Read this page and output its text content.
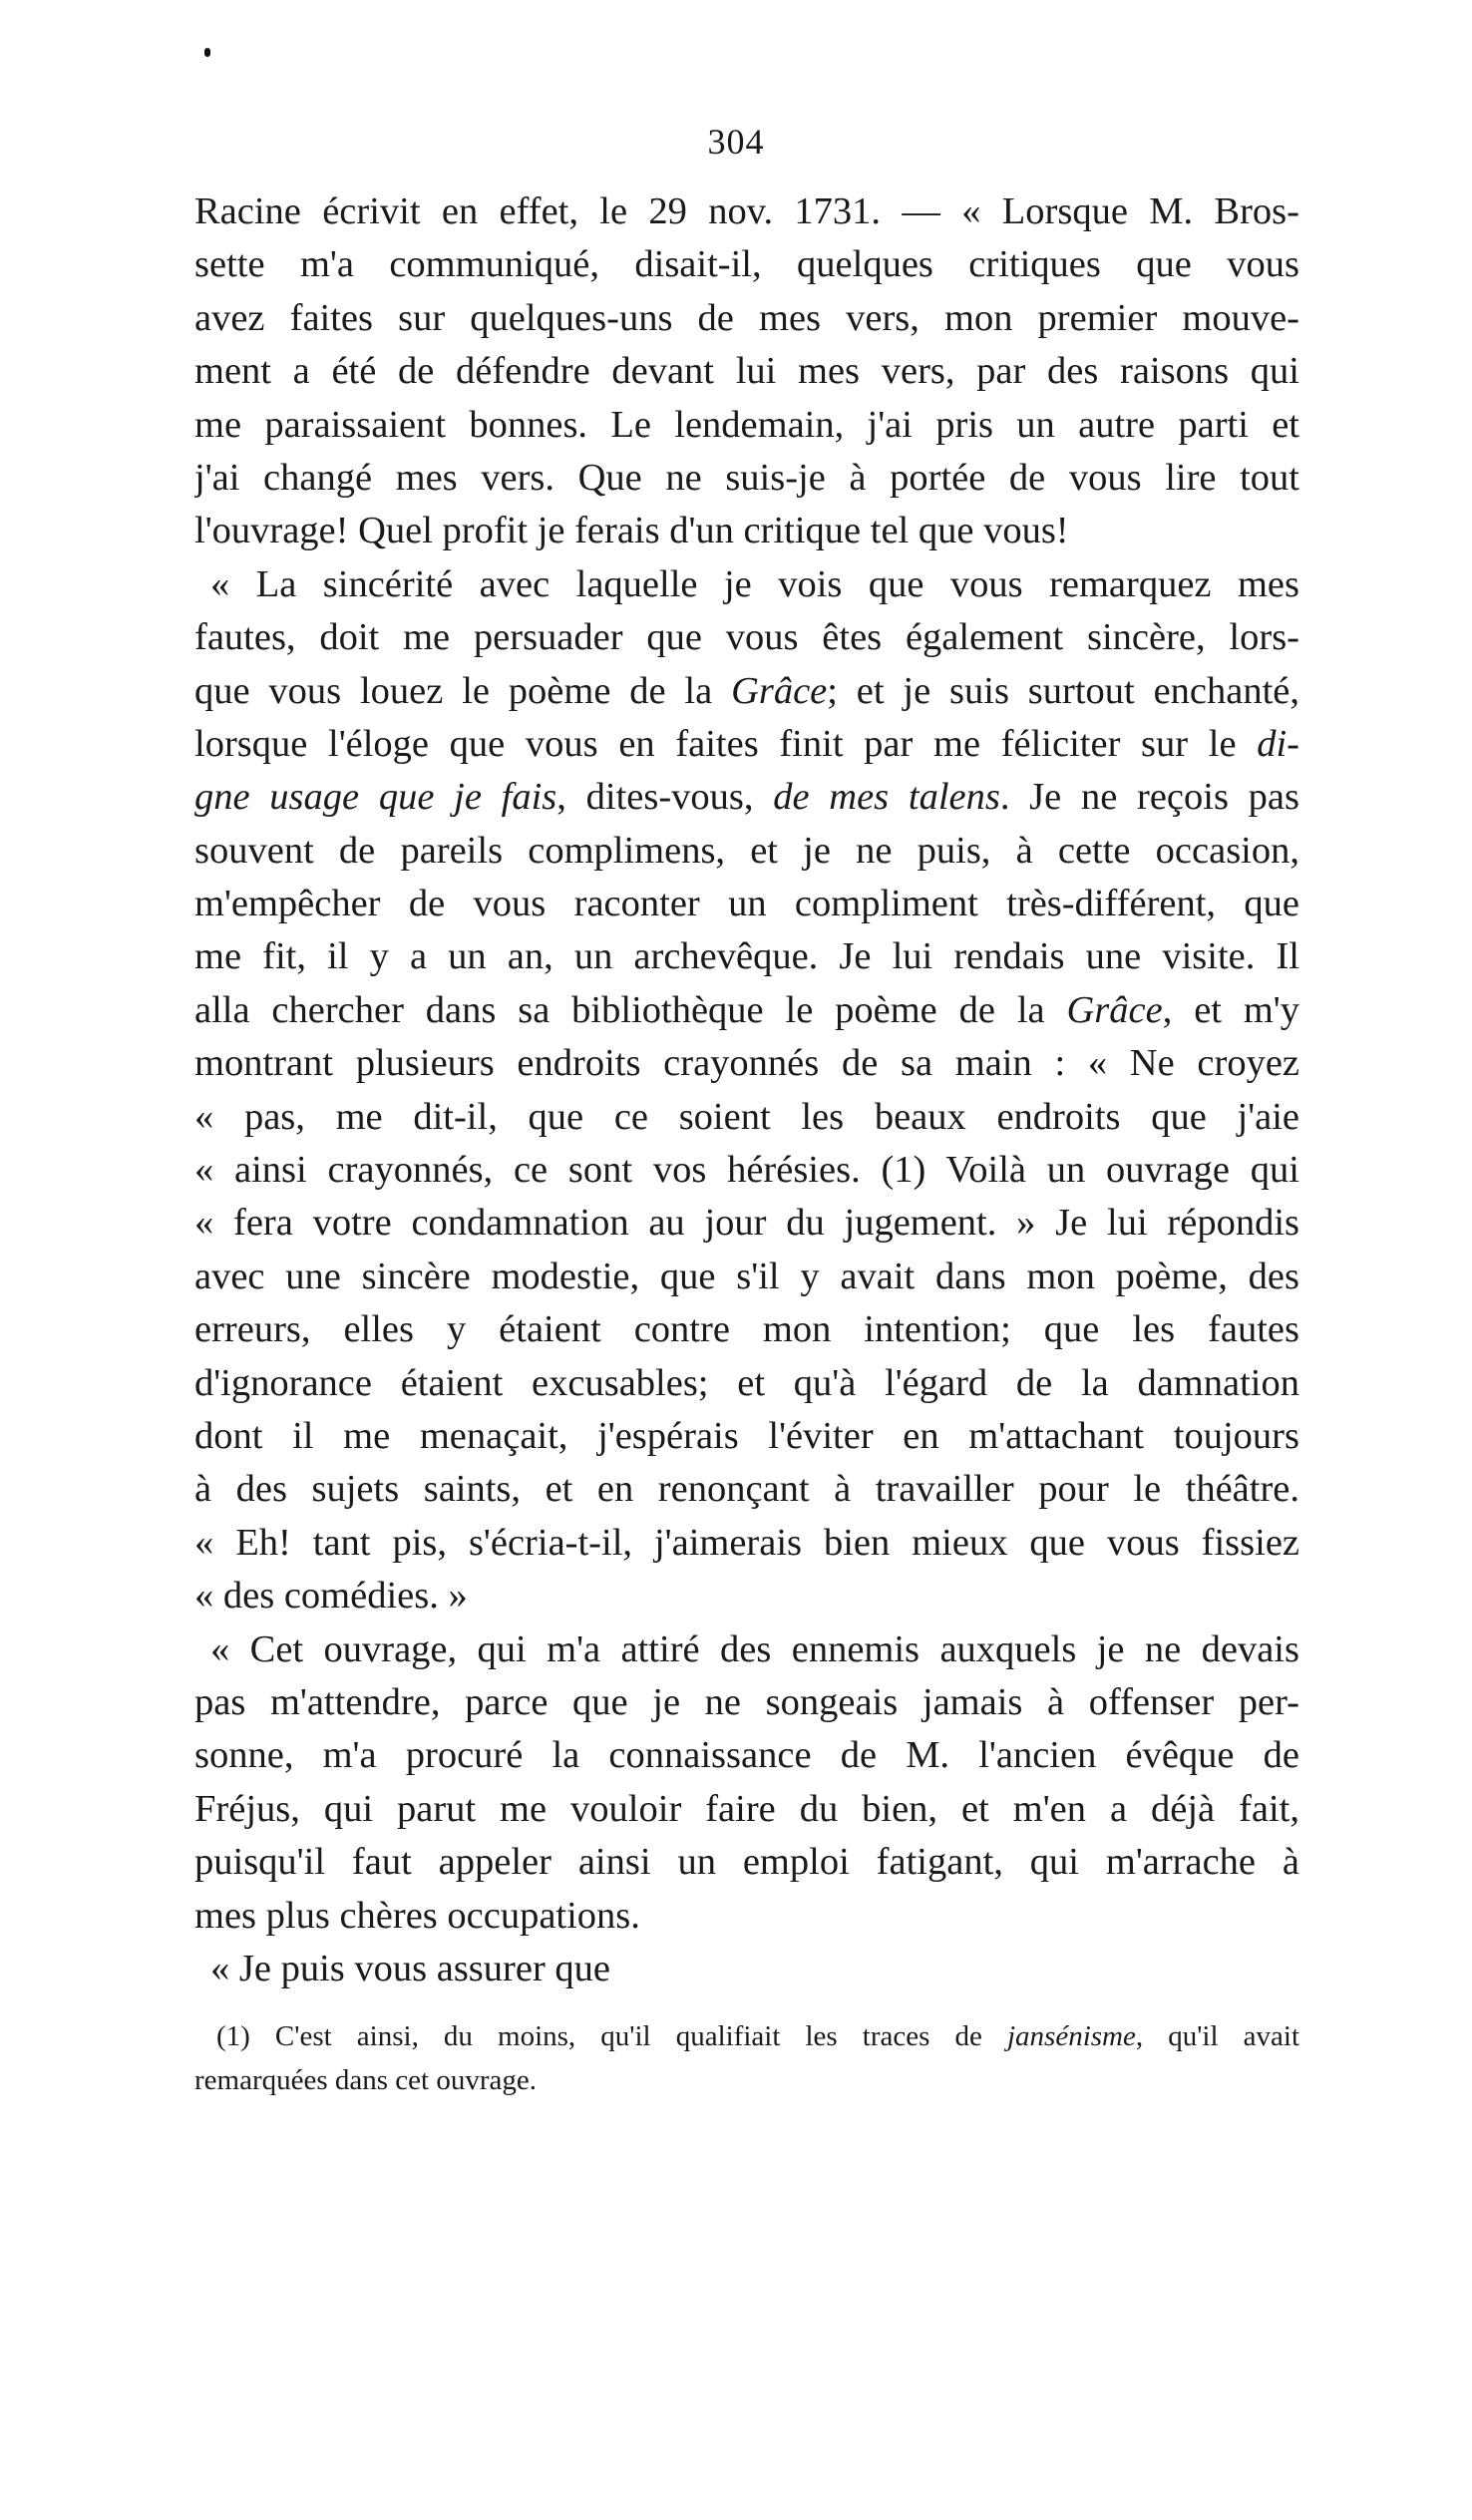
304
Racine écrivit en effet, le 29 nov. 1731. — « Lorsque M. Bros-
sette m'a communiqué, disait-il, quelques critiques que vous
avez faites sur quelques-uns de mes vers, mon premier mouve-
ment a été de défendre devant lui mes vers, par des raisons qui
me paraissaient bonnes. Le lendemain, j'ai pris un autre parti et
j'ai changé mes vers. Que ne suis-je à portée de vous lire tout
l'ouvrage! Quel profit je ferais d'un critique tel que vous!
« La sincérité avec laquelle je vois que vous remarquez mes
fautes, doit me persuader que vous êtes également sincère, lors-
que vous louez le poème de la Grâce; et je suis surtout enchanté,
lorsque l'éloge que vous en faites finit par me féliciter sur le di-
gne usage que je fais, dites-vous, de mes talens. Je ne reçois pas
souvent de pareils complimens, et je ne puis, à cette occasion,
m'empêcher de vous raconter un compliment très-différent, que
me fit, il y a un an, un archevêque. Je lui rendais une visite. Il
alla chercher dans sa bibliothèque le poème de la Grâce, et m'y
montrant plusieurs endroits crayonnés de sa main : « Ne croyez
« pas, me dit-il, que ce soient les beaux endroits que j'aie
« ainsi crayonnés, ce sont vos hérésies. (1) Voilà un ouvrage qui
« fera votre condamnation au jour du jugement. » Je lui répondis
avec une sincère modestie, que s'il y avait dans mon poème, des
erreurs, elles y étaient contre mon intention; que les fautes
d'ignorance étaient excusables; et qu'à l'égard de la damnation
dont il me menaçait, j'espérais l'éviter en m'attachant toujours
à des sujets saints, et en renonçant à travailler pour le théâtre.
« Eh! tant pis, s'écria-t-il, j'aimerais bien mieux que vous fissiez
« des comédies. »
« Cet ouvrage, qui m'a attiré des ennemis auxquels je ne devais
pas m'attendre, parce que je ne songeais jamais à offenser per-
sonne, m'a procuré la connaissance de M. l'ancien évêque de
Fréjus, qui parut me vouloir faire du bien, et m'en a déjà fait,
puisqu'il faut appeler ainsi un emploi fatigant, qui m'arrache à
mes plus chères occupations.
« Je puis vous assurer que
(1) C'est ainsi, du moins, qu'il qualifiait les traces de jansénisme, qu'il avait
remarquées dans cet ouvrage.
